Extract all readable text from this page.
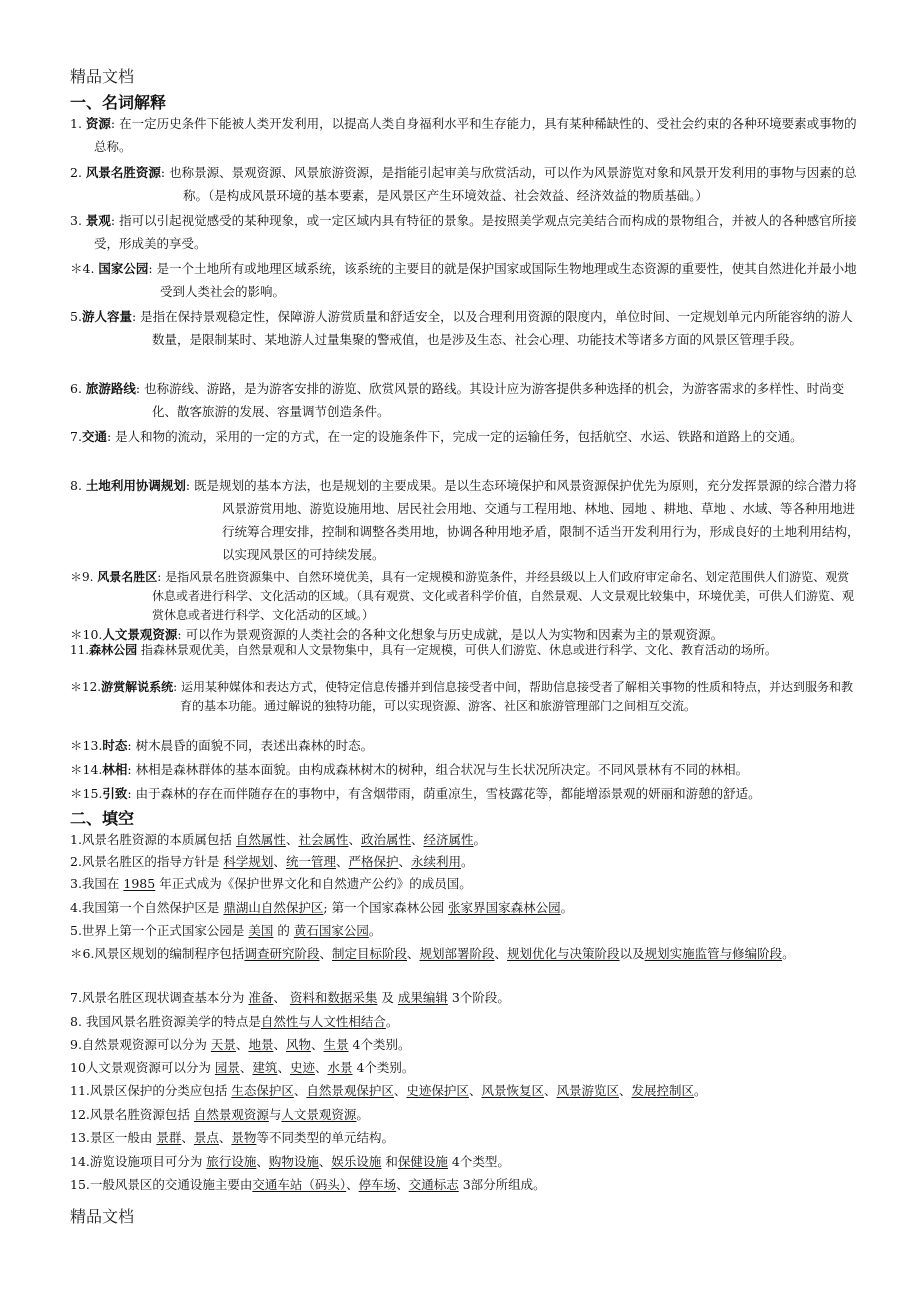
精品文档
一、名词解释
1. 资源: 在一定历史条件下能被人类开发利用，以提高人类自身福利水平和生存能力，具有某种稀缺性的、受社会约束的各种环境要素或事物的总称。
2. 风景名胜资源: 也称景源、景观资源、风景旅游资源，是指能引起审美与欣赏活动，可以作为风景游览对象和风景开发利用的事物与因素的总称。（是构成风景环境的基本要素，是风景区产生环境效益、社会效益、经济效益的物质基础。）
3. 景观: 指可以引起视觉感受的某种现象，或一定区域内具有特征的景象。是按照美学观点完美结合而构成的景物组合，并被人的各种感官所接受，形成美的享受。
＊4. 国家公园: 是一个土地所有或地理区域系统，该系统的主要目的就是保护国家或国际生物地理或生态资源的重要性，使其自然进化并最小地受到人类社会的影响。
5.游人容量: 是指在保持景观稳定性，保障游人游赏质量和舒适安全，以及合理利用资源的限度内，单位时间、一定规划单元内所能容纳的游人数量，是限制某时、某地游人过量集聚的警戒值，也是涉及生态、社会心理、功能技术等诸多方面的风景区管理手段。
6. 旅游路线: 也称游线、游路，是为游客安排的游览、欣赏风景的路线。其设计应为游客提供多种选择的机会，为游客需求的多样性、时尚变化、散客旅游的发展、容量调节创造条件。
7.交通: 是人和物的流动，采用的一定的方式，在一定的设施条件下，完成一定的运输任务，包括航空、水运、铁路和道路上的交通。
8. 土地利用协调规划: 既是规划的基本方法，也是规划的主要成果。是以生态环境保护和风景资源保护优先为原则，充分发挥景源的综合潜力将风景游赏用地、游览设施用地、居民社会用地、交通与工程用地、林地、园地 、耕地、草地 、水域、等各种用地进行统筹合理安排，控制和调整各类用地，协调各种用地矛盾，限制不适当开发利用行为，形成良好的土地利用结构，以实现风景区的可持续发展。
＊9. 风景名胜区: 是指风景名胜资源集中、自然环境优美，具有一定规模和游览条件，并经县级以上人们政府审定命名、划定范围供人们游览、观赏休息或者进行科学、文化活动的区域。（具有观赏、文化或者科学价值，自然景观、人文景观比较集中，环境优美，可供人们游览、观赏休息或者进行科学、文化活动的区域。）
＊10.人文景观资源: 可以作为景观资源的人类社会的各种文化想象与历史成就，是以人为实物和因素为主的景观资源。
11.森林公园 指森林景观优美，自然景观和人文景物集中，具有一定规模，可供人们游览、休息或进行科学、文化、教育活动的场所。
＊12.游赏解说系统: 运用某种媒体和表达方式，使特定信息传播并到信息接受者中间，帮助信息接受者了解相关事物的性质和特点，并达到服务和教育的基本功能。通过解说的独特功能，可以实现资源、游客、社区和旅游管理部门之间相互交流。
＊13.时态: 树木晨昏的面貌不同，表述出森林的时态。
＊14.林相: 林相是森林群体的基本面貌。由构成森林树木的树种，组合状况与生长状况所决定。不同风景林有不同的林相。
＊15.引致: 由于森林的存在而伴随存在的事物中，有含烟带雨，荫重凉生，雪枝露花等，都能增添景观的妍丽和游憩的舒适。
二、填空
1.风景名胜资源的本质属包括 自然属性、社会属性、政治属性、经济属性。
2.风景名胜区的指导方针是 科学规划、统一管理、严格保护、永续利用。
3.我国在 1985 年正式成为《保护世界文化和自然遗产公约》的成员国。
4.我国第一个自然保护区是 鼎湖山自然保护区; 第一个国家森林公园 张家界国家森林公园。
5.世界上第一个正式国家公园是 美国 的 黄石国家公园。
＊6.风景区规划的编制程序包括调查研究阶段、制定目标阶段、规划部署阶段、规划优化与决策阶段以及规划实施监管与修编阶段。
7.风景名胜区现状调查基本分为 准备、 资料和数据采集 及 成果编辑 3个阶段。
8. 我国风景名胜资源美学的特点是自然性与人文性相结合。
9.自然景观资源可以分为 天景、地景、风物、生景 4个类别。
10人文景观资源可以分为 园景、建筑、史迹、水景 4个类别。
11.风景区保护的分类应包括 生态保护区、自然景观保护区、史迹保护区、风景恢复区、风景游览区、发展控制区。
12.风景名胜资源包括 自然景观资源与人文景观资源。
13.景区一般由 景群、景点、景物等不同类型的单元结构。
14.游览设施项目可分为 旅行设施、购物设施、娱乐设施 和保健设施 4个类型。
15.一般风景区的交通设施主要由交通车站（码头）、停车场、交通标志 3部分所组成。
精品文档
